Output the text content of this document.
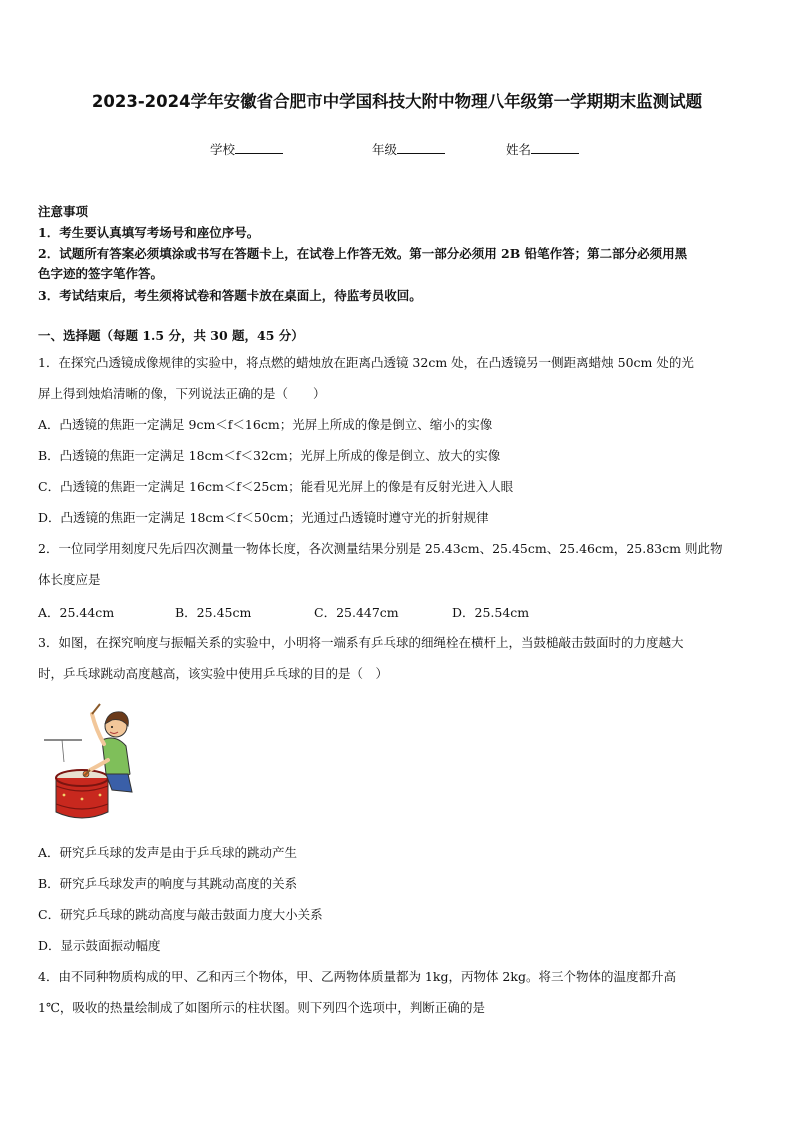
2023-2024学年安徽省合肥市中学国科技大附中物理八年级第一学期期末监测试题
学校	年级	姓名
注意事项
1．考生要认真填写考场号和座位序号。
2．试题所有答案必须填涂或书写在答题卡上，在试卷上作答无效。第一部分必须用 2B 铅笔作答；第二部分必须用黑
色字迹的签字笔作答。
3．考试结束后，考生须将试卷和答题卡放在桌面上，待监考员收回。
一、选择题（每题 1.5 分，共 30 题，45 分）
1．在探究凸透镜成像规律的实验中，将点燃的蜡烛放在距离凸透镜 32cm 处，在凸透镜另一侧距离蜡烛 50cm 处的光
屏上得到烛焰清晰的像，下列说法正确的是（　　）
A．凸透镜的焦距一定满足 9cm＜f＜16cm；光屏上所成的像是倒立、缩小的实像
B．凸透镜的焦距一定满足 18cm＜f＜32cm；光屏上所成的像是倒立、放大的实像
C．凸透镜的焦距一定满足 16cm＜f＜25cm；能看见光屏上的像是有反射光进入人眼
D．凸透镜的焦距一定满足 18cm＜f＜50cm；光通过凸透镜时遵守光的折射规律
2．一位同学用刻度尺先后四次测量一物体长度，各次测量结果分别是 25.43cm、25.45cm、25.46cm，25.83cm 则此物
体长度应是
A．25.44cm	B．25.45cm	C．25.447cm	D．25.54cm
3．如图，在探究响度与振幅关系的实验中，小明将一端系有乒乓球的细绳栓在横杆上，当鼓槌敲击鼓面时的力度越大
时，乒乓球跳动高度越高，该实验中使用乒乓球的目的是（　）
A．研究乒乓球的发声是由于乒乓球的跳动产生
B．研究乒乓球发声的响度与其跳动高度的关系
C．研究乒乓球的跳动高度与敲击鼓面力度大小关系
D．显示鼓面振动幅度
4．由不同种物质构成的甲、乙和丙三个物体，甲、乙两物体质量都为 1kg，丙物体 2kg。将三个物体的温度都升高
1℃，吸收的热量绘制成了如图所示的柱状图。则下列四个选项中，判断正确的是
